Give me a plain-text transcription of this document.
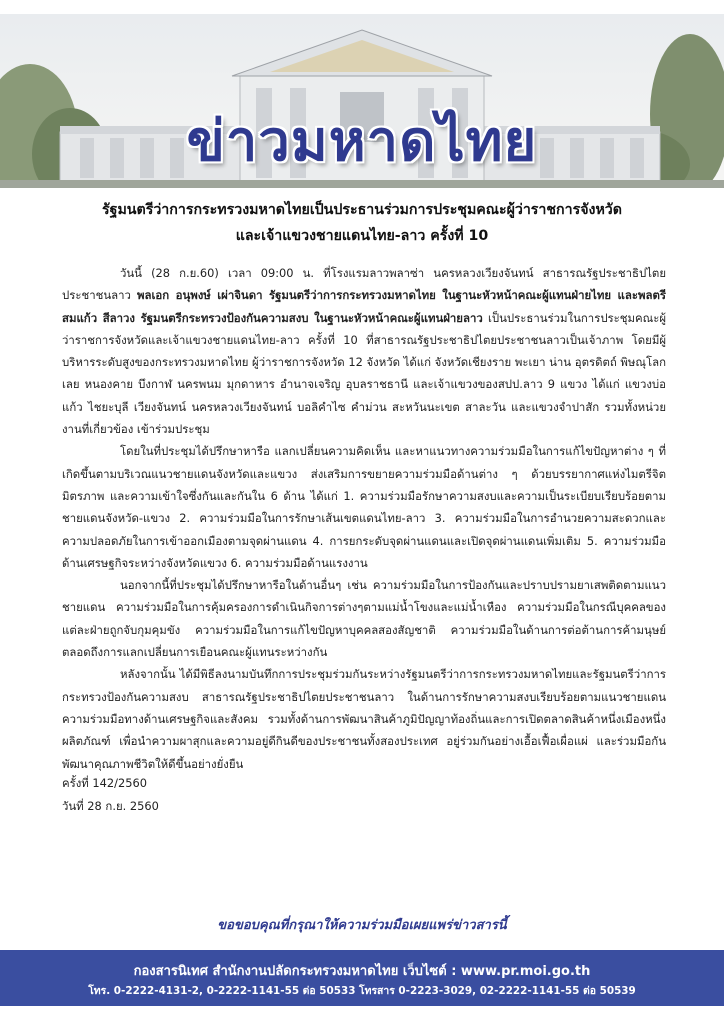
ข่าวมหาดไทย
รัฐมนตรีว่าการกระทรวงมหาดไทยเป็นประธานร่วมการประชุมคณะผู้ว่าราชการจังหวัด
และเจ้าแขวงชายแดนไทย-ลาว ครั้งที่ 10

วันนี้ (28 ก.ย.60) เวลา 09:00 น. ที่โรงแรมลาวพลาซ่า นครหลวงเวียงจันทน์ สาธารณรัฐประชาธิปไตยประชาชนลาว พลเอก อนุพงษ์ เผ่าจินดา รัฐมนตรีว่าการกระทรวงมหาดไทย ในฐานะหัวหน้าคณะผู้แทนฝ่ายไทย และพลตรี สมแก้ว สีลาวง รัฐมนตรีกระทรวงป้องกันความสงบ ในฐานะหัวหน้าคณะผู้แทนฝ่ายลาว เป็นประธานร่วมในการประชุมคณะผู้ว่าราชการจังหวัดและเจ้าแขวงชายแดนไทย-ลาว ครั้งที่ 10 ที่สาธารณรัฐประชาธิปไตยประชาชนลาวเป็นเจ้าภาพ โดยมีผู้บริหารระดับสูงของกระทรวงมหาดไทย ผู้ว่าราชการจังหวัด 12 จังหวัด ได้แก่ จังหวัดเชียงราย พะเยา น่าน อุตรดิตถ์ พิษณุโลก เลย หนองคาย บึงกาฬ นครพนม มุกดาหาร อำนาจเจริญ อุบลราชธานี และเจ้าแขวงของสปป.ลาว 9 แขวง ได้แก่ แขวงบ่อแก้ว ไชยะบุลี เวียงจันทน์ นครหลวงเวียงจันทน์ บอลิคำไซ คำม่วน สะหวันนะเขต สาละวัน และแขวงจำปาสัก รวมทั้งหน่วยงานที่เกี่ยวข้อง เข้าร่วมประชุม

โดยในที่ประชุมได้ปรึกษาหารือ แลกเปลี่ยนความคิดเห็น และหาแนวทางความร่วมมือในการแก้ไขปัญหาต่าง ๆ ที่เกิดขึ้นตามบริเวณแนวชายแดนจังหวัดและแขวง ส่งเสริมการขยายความร่วมมือด้านต่าง ๆ ด้วยบรรยากาศแห่งไมตรีจิตมิตรภาพ และความเข้าใจซึ่งกันและกันใน 6 ด้าน ได้แก่ 1. ความร่วมมือรักษาความสงบและความเป็นระเบียบเรียบร้อยตามชายแดนจังหวัด-แขวง 2. ความร่วมมือในการรักษาเส้นเขตแดนไทย-ลาว 3. ความร่วมมือในการอำนวยความสะดวกและความปลอดภัยในการเข้าออกเมืองตามจุดผ่านแดน 4. การยกระดับจุดผ่านแดนและเปิดจุดผ่านแดนเพิ่มเติม 5. ความร่วมมือด้านเศรษฐกิจระหว่างจังหวัดแขวง 6. ความร่วมมือด้านแรงงาน

นอกจากนี้ที่ประชุมได้ปรึกษาหารือในด้านอื่นๆ เช่น ความร่วมมือในการป้องกันและปราบปรามยาเสพติดตามแนวชายแดน ความร่วมมือในการคุ้มครองการดำเนินกิจการต่างๆตามแม่น้ำโขงและแม่น้ำเหือง ความร่วมมือในกรณีบุคคลของแต่ละฝ่ายถูกจับกุมคุมขัง ความร่วมมือในการแก้ไขปัญหาบุคคลสองสัญชาติ ความร่วมมือในด้านการต่อต้านการค้ามนุษย์ ตลอดถึงการแลกเปลี่ยนการเยือนคณะผู้แทนระหว่างกัน

หลังจากนั้น ได้มีพิธีลงนามบันทึกการประชุมร่วมกันระหว่างรัฐมนตรีว่าการกระทรวงมหาดไทยและรัฐมนตรีว่าการกระทรวงป้องกันความสงบ สาธารณรัฐประชาธิปไตยประชาชนลาว ในด้านการรักษาความสงบเรียบร้อยตามแนวชายแดน ความร่วมมือทางด้านเศรษฐกิจและสังคม รวมทั้งด้านการพัฒนาสินค้าภูมิปัญญาท้องถิ่นและการเปิดตลาดสินค้าหนึ่งเมืองหนึ่งผลิตภัณฑ์ เพื่อนำความผาสุกและความอยู่ดีกินดีของประชาชนทั้งสองประเทศ อยู่ร่วมกันอย่างเอื้อเฟื้อเผื่อแผ่ และร่วมมือกันพัฒนาคุณภาพชีวิตให้ดีขึ้นอย่างยั่งยืน

ครั้งที่ 142/2560
วันที่ 28 ก.ย. 2560
ขอขอบคุณที่กรุณาให้ความร่วมมือเผยแพร่ข่าวสารนี้
กองสารนิเทศ สำนักงานปลัดกระทรวงมหาดไทย เว็บไซต์ : www.pr.moi.go.th
โทร. 0-2222-4131-2, 0-2222-1141-55 ต่อ 50533 โทรสาร 0-2223-3029, 02-2222-1141-55 ต่อ 50539
